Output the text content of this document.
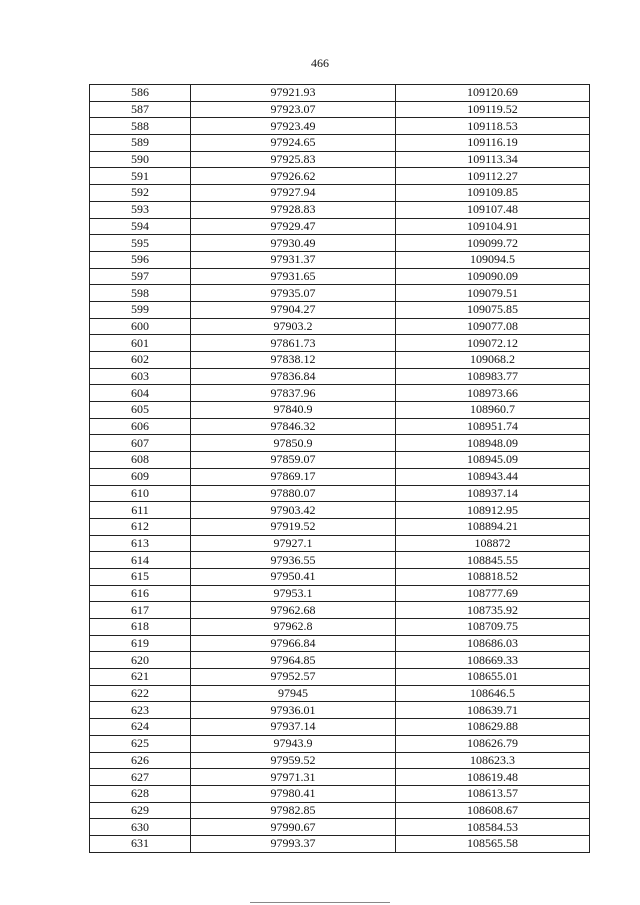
466
586	97921.93	109120.69
587	97923.07	109119.52
588	97923.49	109118.53
589	97924.65	109116.19
590	97925.83	109113.34
591	97926.62	109112.27
592	97927.94	109109.85
593	97928.83	109107.48
594	97929.47	109104.91
595	97930.49	109099.72
596	97931.37	109094.5
597	97931.65	109090.09
598	97935.07	109079.51
599	97904.27	109075.85
600	97903.2	109077.08
601	97861.73	109072.12
602	97838.12	109068.2
603	97836.84	108983.77
604	97837.96	108973.66
605	97840.9	108960.7
606	97846.32	108951.74
607	97850.9	108948.09
608	97859.07	108945.09
609	97869.17	108943.44
610	97880.07	108937.14
611	97903.42	108912.95
612	97919.52	108894.21
613	97927.1	108872
614	97936.55	108845.55
615	97950.41	108818.52
616	97953.1	108777.69
617	97962.68	108735.92
618	97962.8	108709.75
619	97966.84	108686.03
620	97964.85	108669.33
621	97952.57	108655.01
622	97945	108646.5
623	97936.01	108639.71
624	97937.14	108629.88
625	97943.9	108626.79
626	97959.52	108623.3
627	97971.31	108619.48
628	97980.41	108613.57
629	97982.85	108608.67
630	97990.67	108584.53
631	97993.37	108565.58
